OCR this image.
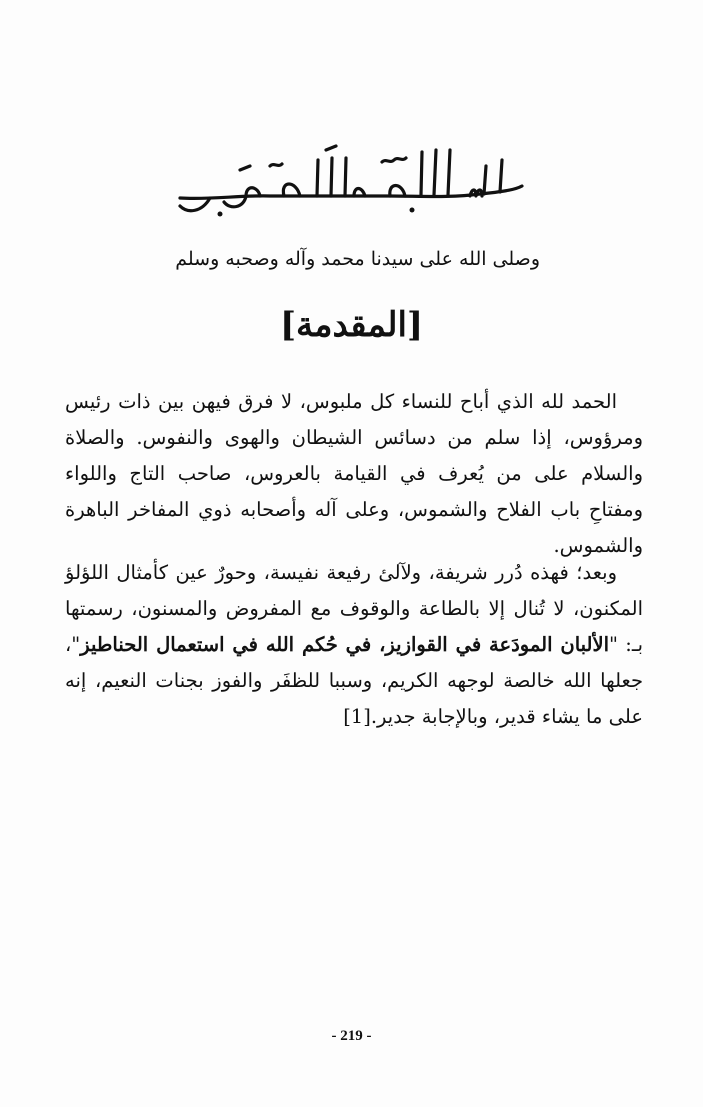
وصلى الله على سيدنا محمد وآله وصحبه وسلم
[المقدمة]

الحمد لله الذي أباح للنساء كل ملبوس، لا فرق فيهن بين ذات رئيس ومرؤوس، إذا سلم من دسائس الشيطان والهوى والنفوس. والصلاة والسلام على من يُعرف في القيامة بالعروس، صاحب التاج واللواء ومفتاحِ باب الفلاح والشموس، وعلى آله وأصحابه ذوي المفاخر الباهرة والشموس.

وبعد؛ فهذه دُرر شريفة، ولآلئ رفيعة نفيسة، وحورٌ عين كأمثال اللؤلؤ المكنون، لا تُنال إلا بالطاعة والوقوف مع المفروض والمسنون، رسمتها بـ: "الألبان المودَعة في القوازيز، في حُكم الله في استعمال الحناطيز"، جعلها الله خالصة لوجهه الكريم، وسببا للظفَر والفوز بجنات النعيم، إنه على ما يشاء قدير، وبالإجابة جدير.[1]

- 219 -
